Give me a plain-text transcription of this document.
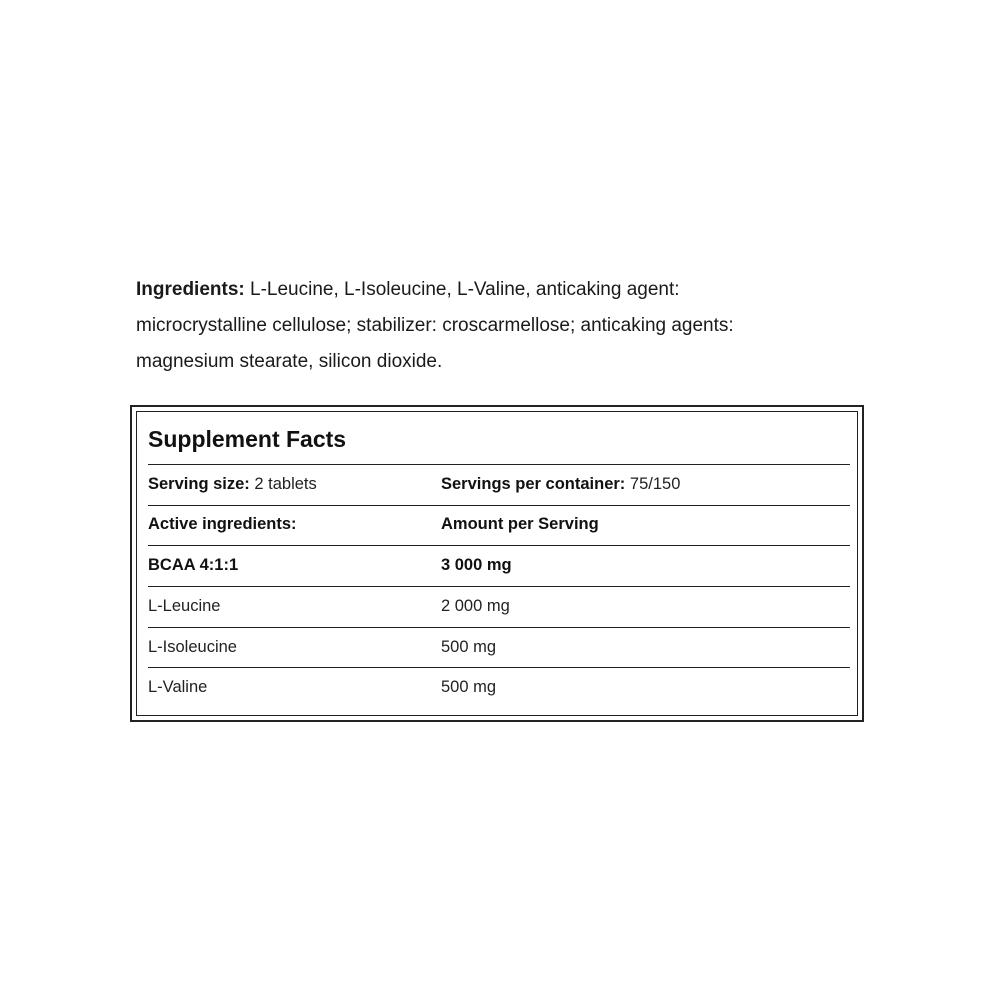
Ingredients: L-Leucine, L-Isoleucine, L-Valine, anticaking agent:
microcrystalline cellulose; stabilizer: croscarmellose; anticaking agents:
magnesium stearate, silicon dioxide.
Supplement Facts
Serving size: 2 tablets	Servings per container: 75/150
Active ingredients:	Amount per Serving
BCAA 4:1:1	3 000 mg
L-Leucine	2 000 mg
L-Isoleucine	500 mg
L-Valine	500 mg
